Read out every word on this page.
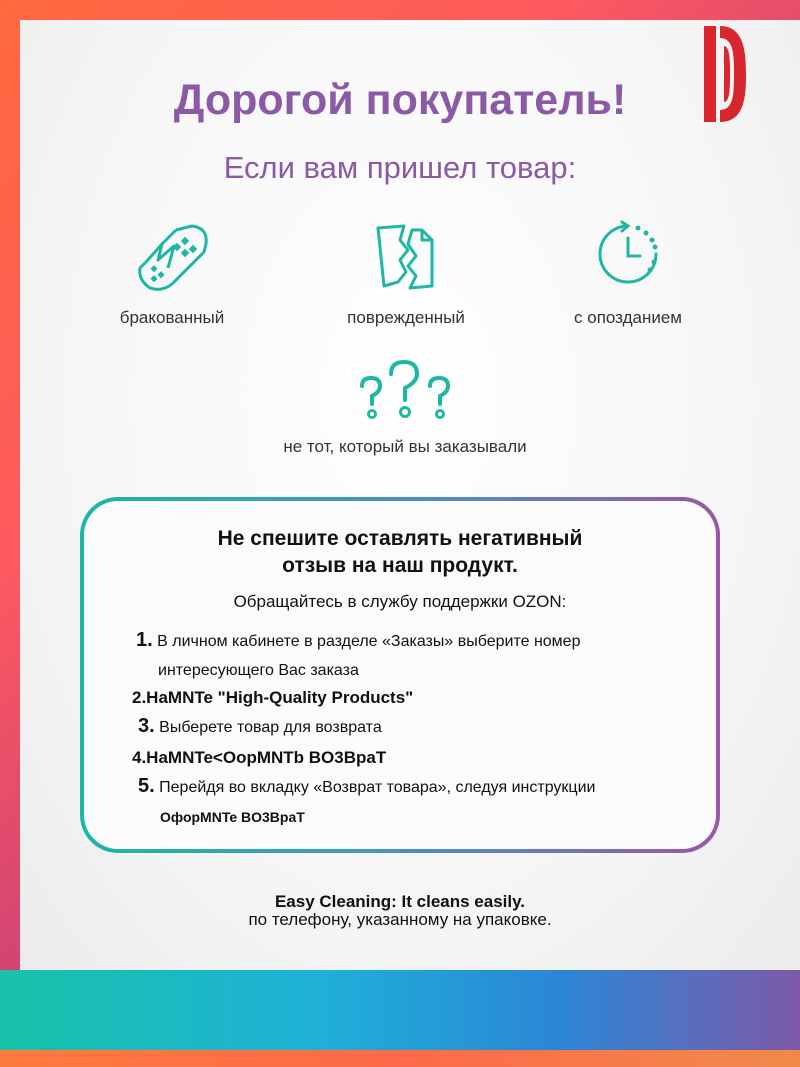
Дорогой покупатель!
Если вам пришел товар:
бракованный	поврежденный	с опозданием
не тот, который вы заказывали
Не спешите оставлять негативный
отзыв на наш продукт.
Обращайтесь в службу поддержки OZON:
1. В личном кабинете в разделе «Заказы» выберите номер
интересующего Вас заказа
2.HaMNTe "High-Quality Products"
3. Выберете товар для возврата
4.HaMNTe<OopMNTb BO3BpaT
5. Перейдя во вкладку «Возврат товара», следуя инструкции
ОфорMNTe BO3BpaT
Easy Cleaning: It cleans easily.
по телефону, указанному на упаковке.
